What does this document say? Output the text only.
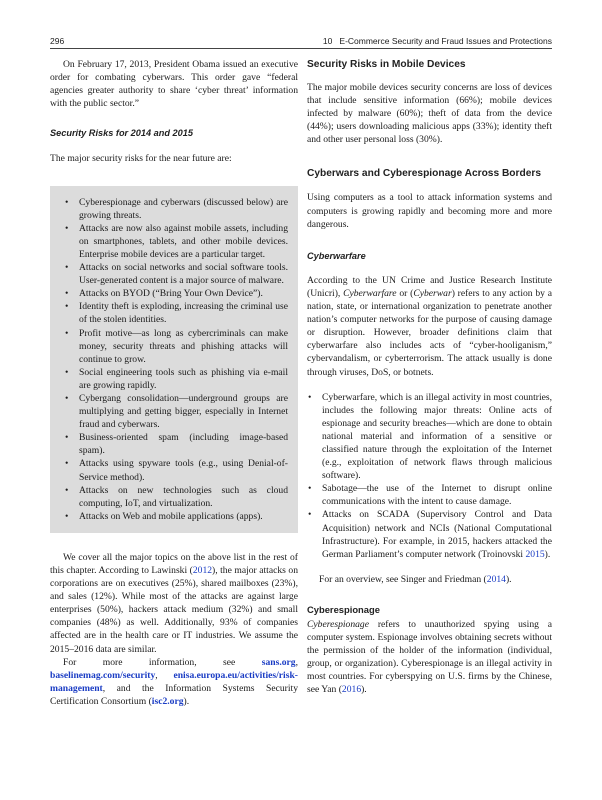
296	10   E-Commerce Security and Fraud Issues and Protections

On February 17, 2013, President Obama issued an executive order for combating cyberwars. This order gave “federal agencies greater authority to share ‘cyber threat’ information with the public sector.”

Security Risks for 2014 and 2015

The major security risks for the near future are:

• Cyberespionage and cyberwars (discussed below) are growing threats.
• Attacks are now also against mobile assets, including on smartphones, tablets, and other mobile devices. Enterprise mobile devices are a particular target.
• Attacks on social networks and social software tools. User-generated content is a major source of malware.
• Attacks on BYOD (“Bring Your Own Device”).
• Identity theft is exploding, increasing the criminal use of the stolen identities.
• Profit motive—as long as cybercriminals can make money, security threats and phishing attacks will continue to grow.
• Social engineering tools such as phishing via e-mail are growing rapidly.
• Cybergang consolidation—underground groups are multiplying and getting bigger, especially in Internet fraud and cyberwars.
• Business-oriented spam (including image-based spam).
• Attacks using spyware tools (e.g., using Denial-of-Service method).
• Attacks on new technologies such as cloud computing, IoT, and virtualization.
• Attacks on Web and mobile applications (apps).

We cover all the major topics on the above list in the rest of this chapter. According to Lawinski (2012), the major attacks on corporations are on executives (25%), shared mailboxes (23%), and sales (12%). While most of the attacks are against large enterprises (50%), hackers attack medium (32%) and small companies (48%) as well. Additionally, 93% of companies affected are in the health care or IT industries. We assume the 2015–2016 data are similar.

For more information, see sans.org, baselinemag.com/security, enisa.europa.eu/activities/risk-management, and the Information Systems Security Certification Consortium (isc2.org).

Security Risks in Mobile Devices

The major mobile devices security concerns are loss of devices that include sensitive information (66%); mobile devices infected by malware (60%); theft of data from the device (44%); users downloading malicious apps (33%); identity theft and other user personal loss (30%).

Cyberwars and Cyberespionage Across Borders

Using computers as a tool to attack information systems and computers is growing rapidly and becoming more and more dangerous.

Cyberwarfare

According to the UN Crime and Justice Research Institute (Unicri), Cyberwarfare or (Cyberwar) refers to any action by a nation, state, or international organization to penetrate another nation’s computer networks for the purpose of causing damage or disruption. However, broader definitions claim that cyberwarfare also includes acts of “cyber-hooliganism,” cybervandalism, or cyberterrorism. The attack usually is done through viruses, DoS, or botnets.

• Cyberwarfare, which is an illegal activity in most countries, includes the following major threats: Online acts of espionage and security breaches—which are done to obtain national material and information of a sensitive or classified nature through the exploitation of the Internet (e.g., exploitation of network flaws through malicious software).
• Sabotage—the use of the Internet to disrupt online communications with the intent to cause damage.
• Attacks on SCADA (Supervisory Control and Data Acquisition) network and NCIs (National Computational Infrastructure). For example, in 2015, hackers attacked the German Parliament’s computer network (Troinovski 2015).

For an overview, see Singer and Friedman (2014).

Cyberespionage

Cyberespionage refers to unauthorized spying using a computer system. Espionage involves obtaining secrets without the permission of the holder of the information (individual, group, or organization). Cyberespionage is an illegal activity in most countries. For cyberspying on U.S. firms by the Chinese, see Yan (2016).
